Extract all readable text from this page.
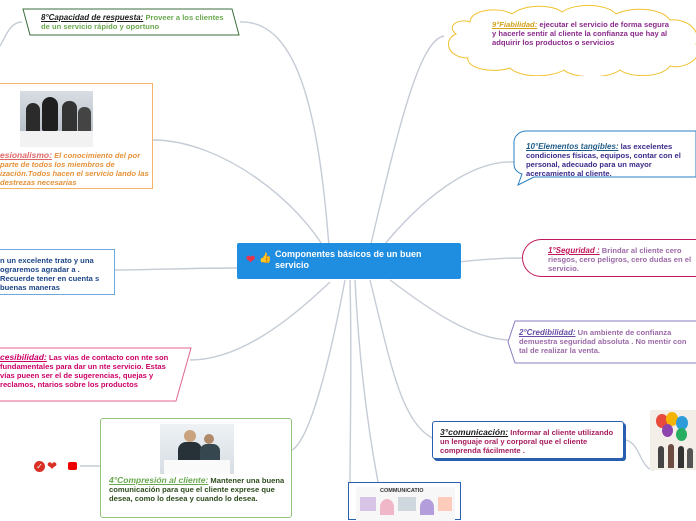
❤ 👍 Componentes básicos de un buen servicio
8°Capacidad de respuesta: Proveer a los clientes de un servicio rápido y oportuno	9°Fiabilidad: ejecutar el servicio de forma segura y hacerle sentir al cliente la confianza que hay al adquirir los productos o servicios
10°Elementos tangibles: las excelentes condiciones físicas, equipos, contar con el personal, adecuado para un mayor acercamiento al cliente.
esionalismo: El conocimiento del por parte de todos los miembros de ización.Todos hacen el servicio lando las destrezas necesarias
n un excelente trato y una ograremos agradar a . Recuerde tener en cuenta s buenas maneras
1°Seguridad : Brindar al cliente cero riesgos, cero peligros, cero dudas en el servicio.
2°Credibilidad: Un ambiente de confianza demuestra seguridad absoluta . No mentir con tal de realizar la venta.
cesibilidad: Las vías de contacto con nte son fundamentales para dar un nte servicio. Estas vías pueen ser el de sugerencias, quejas y reclamos, ntarios sobre los productos
3°comunicación: Informar al cliente utilizando un lenguaje oral y corporal que el cliente comprenda fácilmente .
4°Compresión al cliente: Mantener una buena comunicación para que el cliente exprese que desea, como lo desea y cuando lo desea.
✓ ❤
COMMUNICATIO
